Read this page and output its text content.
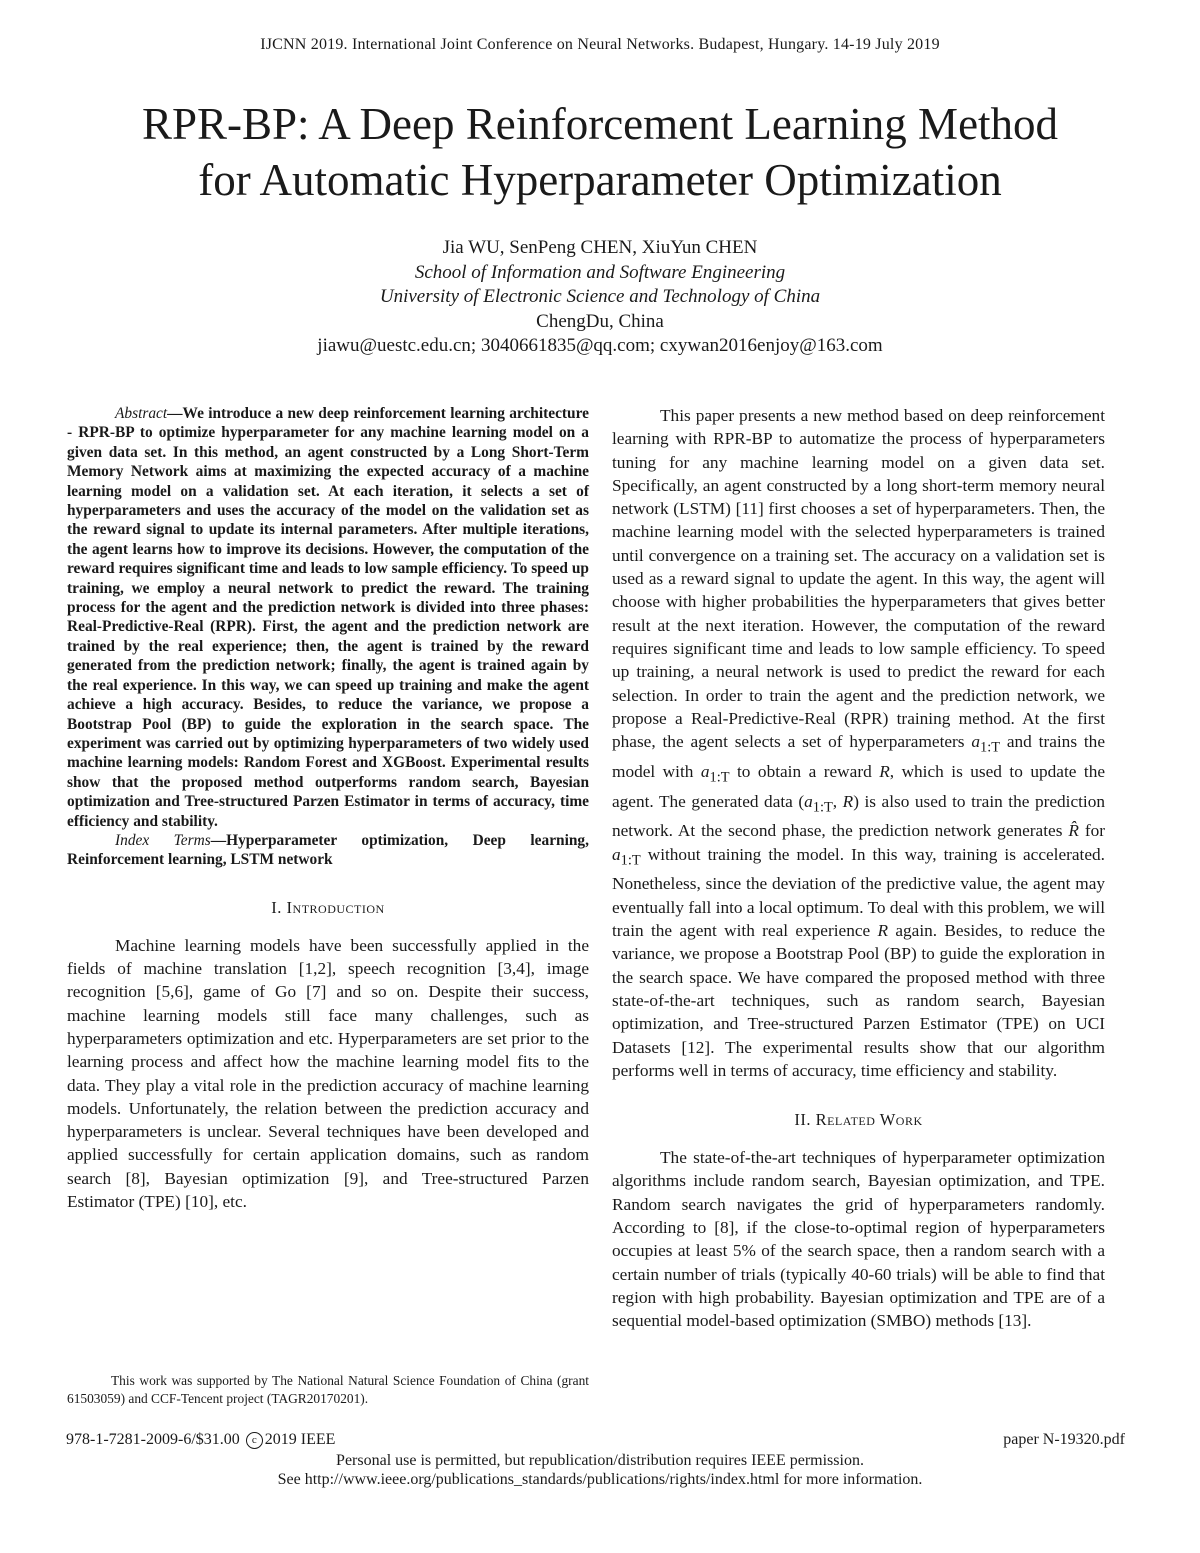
IJCNN 2019. International Joint Conference on Neural Networks. Budapest, Hungary. 14-19 July 2019
RPR-BP: A Deep Reinforcement Learning Method
for Automatic Hyperparameter Optimization
Jia WU, SenPeng CHEN, XiuYun CHEN
School of Information and Software Engineering
University of Electronic Science and Technology of China
ChengDu, China
jiawu@uestc.edu.cn; 3040661835@qq.com; cxywan2016enjoy@163.com

Abstract—We introduce a new deep reinforcement learning architecture - RPR-BP to optimize hyperparameter for any machine learning model on a given data set. In this method, an agent constructed by a Long Short-Term Memory Network aims at maximizing the expected accuracy of a machine learning model on a validation set. At each iteration, it selects a set of hyperparameters and uses the accuracy of the model on the validation set as the reward signal to update its internal parameters. After multiple iterations, the agent learns how to improve its decisions. However, the computation of the reward requires significant time and leads to low sample efficiency. To speed up training, we employ a neural network to predict the reward. The training process for the agent and the prediction network is divided into three phases: Real-Predictive-Real (RPR). First, the agent and the prediction network are trained by the real experience; then, the agent is trained by the reward generated from the prediction network; finally, the agent is trained again by the real experience. In this way, we can speed up training and make the agent achieve a high accuracy. Besides, to reduce the variance, we propose a Bootstrap Pool (BP) to guide the exploration in the search space. The experiment was carried out by optimizing hyperparameters of two widely used machine learning models: Random Forest and XGBoost. Experimental results show that the proposed method outperforms random search, Bayesian optimization and Tree-structured Parzen Estimator in terms of accuracy, time efficiency and stability.

Index Terms—Hyperparameter optimization, Deep learning, Reinforcement learning, LSTM network

I. Introduction

Machine learning models have been successfully applied in the fields of machine translation [1,2], speech recognition [3,4], image recognition [5,6], game of Go [7] and so on. Despite their success, machine learning models still face many challenges, such as hyperparameters optimization and etc. Hyperparameters are set prior to the learning process and affect how the machine learning model fits to the data. They play a vital role in the prediction accuracy of machine learning models. Unfortunately, the relation between the prediction accuracy and hyperparameters is unclear. Several techniques have been developed and applied successfully for certain application domains, such as random search [8], Bayesian optimization [9], and Tree-structured Parzen Estimator (TPE) [10], etc.

This work was supported by The National Natural Science Foundation of China (grant 61503059) and CCF-Tencent project (TAGR20170201).

This paper presents a new method based on deep reinforcement learning with RPR-BP to automatize the process of hyperparameters tuning for any machine learning model on a given data set. Specifically, an agent constructed by a long short-term memory neural network (LSTM) [11] first chooses a set of hyperparameters. Then, the machine learning model with the selected hyperparameters is trained until convergence on a training set. The accuracy on a validation set is used as a reward signal to update the agent. In this way, the agent will choose with higher probabilities the hyperparameters that gives better result at the next iteration. However, the computation of the reward requires significant time and leads to low sample efficiency. To speed up training, a neural network is used to predict the reward for each selection. In order to train the agent and the prediction network, we propose a Real-Predictive-Real (RPR) training method. At the first phase, the agent selects a set of hyperparameters $a_{1:T}$ and trains the model with $a_{1:T}$ to obtain a reward R, which is used to update the agent. The generated data ($a_{1:T}$, R) is also used to train the prediction network. At the second phase, the prediction network generates R̂ for $a_{1:T}$ without training the model. In this way, training is accelerated. Nonetheless, since the deviation of the predictive value, the agent may eventually fall into a local optimum. To deal with this problem, we will train the agent with real experience R again. Besides, to reduce the variance, we propose a Bootstrap Pool (BP) to guide the exploration in the search space. We have compared the proposed method with three state-of-the-art techniques, such as random search, Bayesian optimization, and Tree-structured Parzen Estimator (TPE) on UCI Datasets [12]. The experimental results show that our algorithm performs well in terms of accuracy, time efficiency and stability.

II. Related Work

The state-of-the-art techniques of hyperparameter optimization algorithms include random search, Bayesian optimization, and TPE. Random search navigates the grid of hyperparameters randomly. According to [8], if the close-to-optimal region of hyperparameters occupies at least 5% of the search space, then a random search with a certain number of trials (typically 40-60 trials) will be able to find that region with high probability. Bayesian optimization and TPE are of a sequential model-based optimization (SMBO) methods [13].

978-1-7281-2009-6/$31.00 c 2019 IEEE	paper N-19320.pdf
Personal use is permitted, but republication/distribution requires IEEE permission.
See http://www.ieee.org/publications_standards/publications/rights/index.html for more information.
